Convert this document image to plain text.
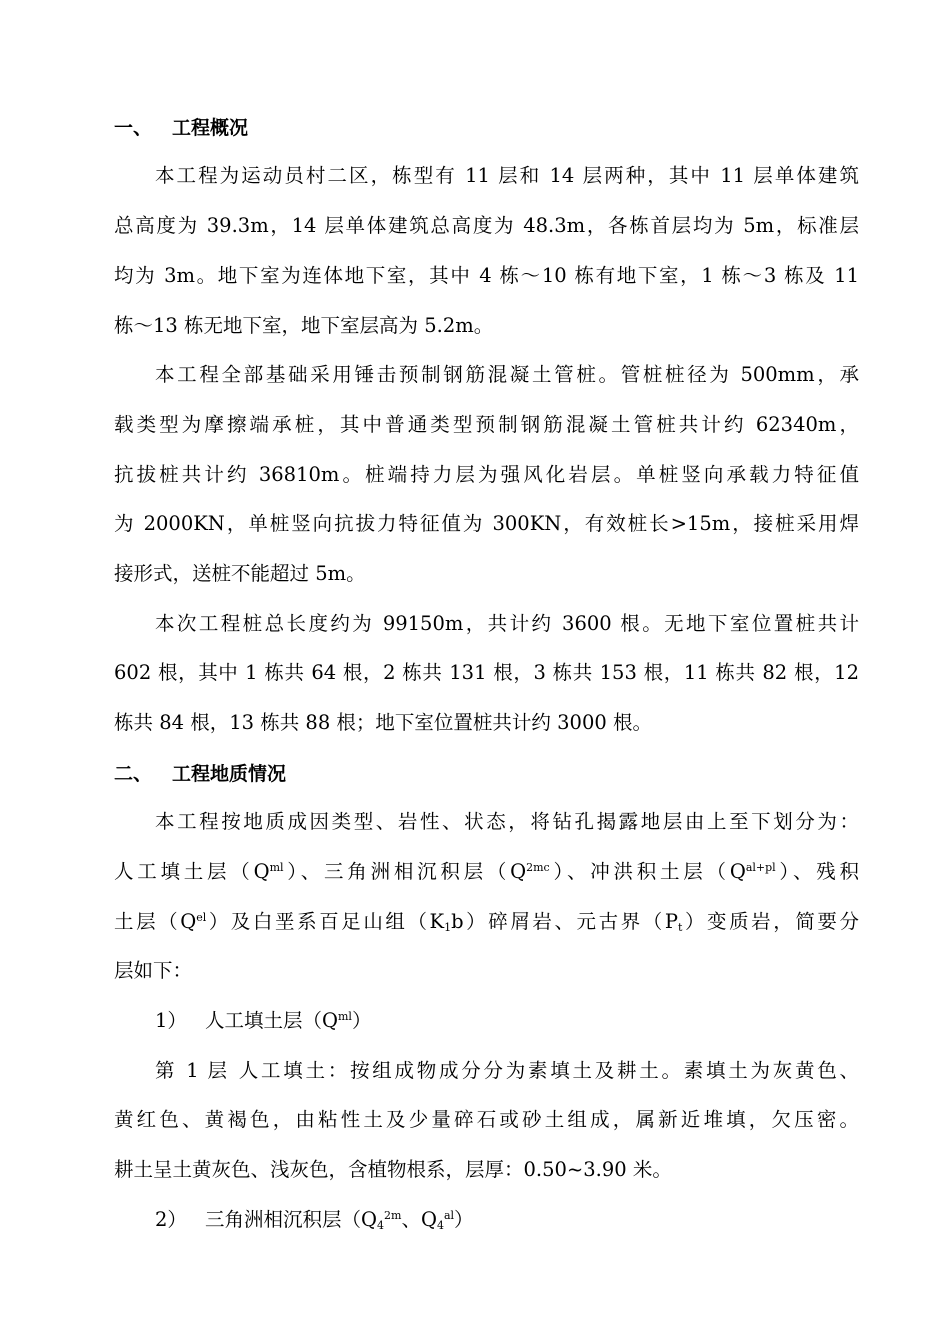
一、 工程概况
本工程为运动员村二区，栋型有 11 层和 14 层两种，其中 11 层单体建筑
总高度为 39.3m，14 层单体建筑总高度为 48.3m，各栋首层均为 5m，标准层
均为 3m。地下室为连体地下室，其中 4 栋～10 栋有地下室，1 栋～3 栋及 11
栋～13 栋无地下室，地下室层高为 5.2m。
本工程全部基础采用锤击预制钢筋混凝土管桩。管桩桩径为 500mm，承
载类型为摩擦端承桩，其中普通类型预制钢筋混凝土管桩共计约 62340m，
抗拔桩共计约 36810m。桩端持力层为强风化岩层。单桩竖向承载力特征值
为 2000KN，单桩竖向抗拔力特征值为 300KN，有效桩长>15m，接桩采用焊
接形式，送桩不能超过 5m。
本次工程桩总长度约为 99150m，共计约 3600 根。无地下室位置桩共计
602 根，其中 1 栋共 64 根，2 栋共 131 根，3 栋共 153 根，11 栋共 82 根，12
栋共 84 根，13 栋共 88 根；地下室位置桩共计约 3000 根。
二、 工程地质情况
本工程按地质成因类型、岩性、状态，将钻孔揭露地层由上至下划分为：
人工填土层$(Q^{ml})$、三角洲相沉积层$(Q^{2mc})$、冲洪积土层$(Q^{al+pl})$、残积
土层$(Q^{el})$及白垩系百足山组$(K_1b)$碎屑岩、元古界$(P_t)$变质岩，简要分
层如下：
1） 人工填土层$(Q^{ml})$
第 1 层 人工填土：按组成物成分分为素填土及耕土。素填土为灰黄色、
黄红色、黄褐色，由粘性土及少量碎石或砂土组成，属新近堆填，欠压密。
耕土呈土黄灰色、浅灰色，含植物根系，层厚：0.50~3.90 米。
2） 三角洲相沉积层（$Q_4^{2m}$、$Q_4^{al}$）
